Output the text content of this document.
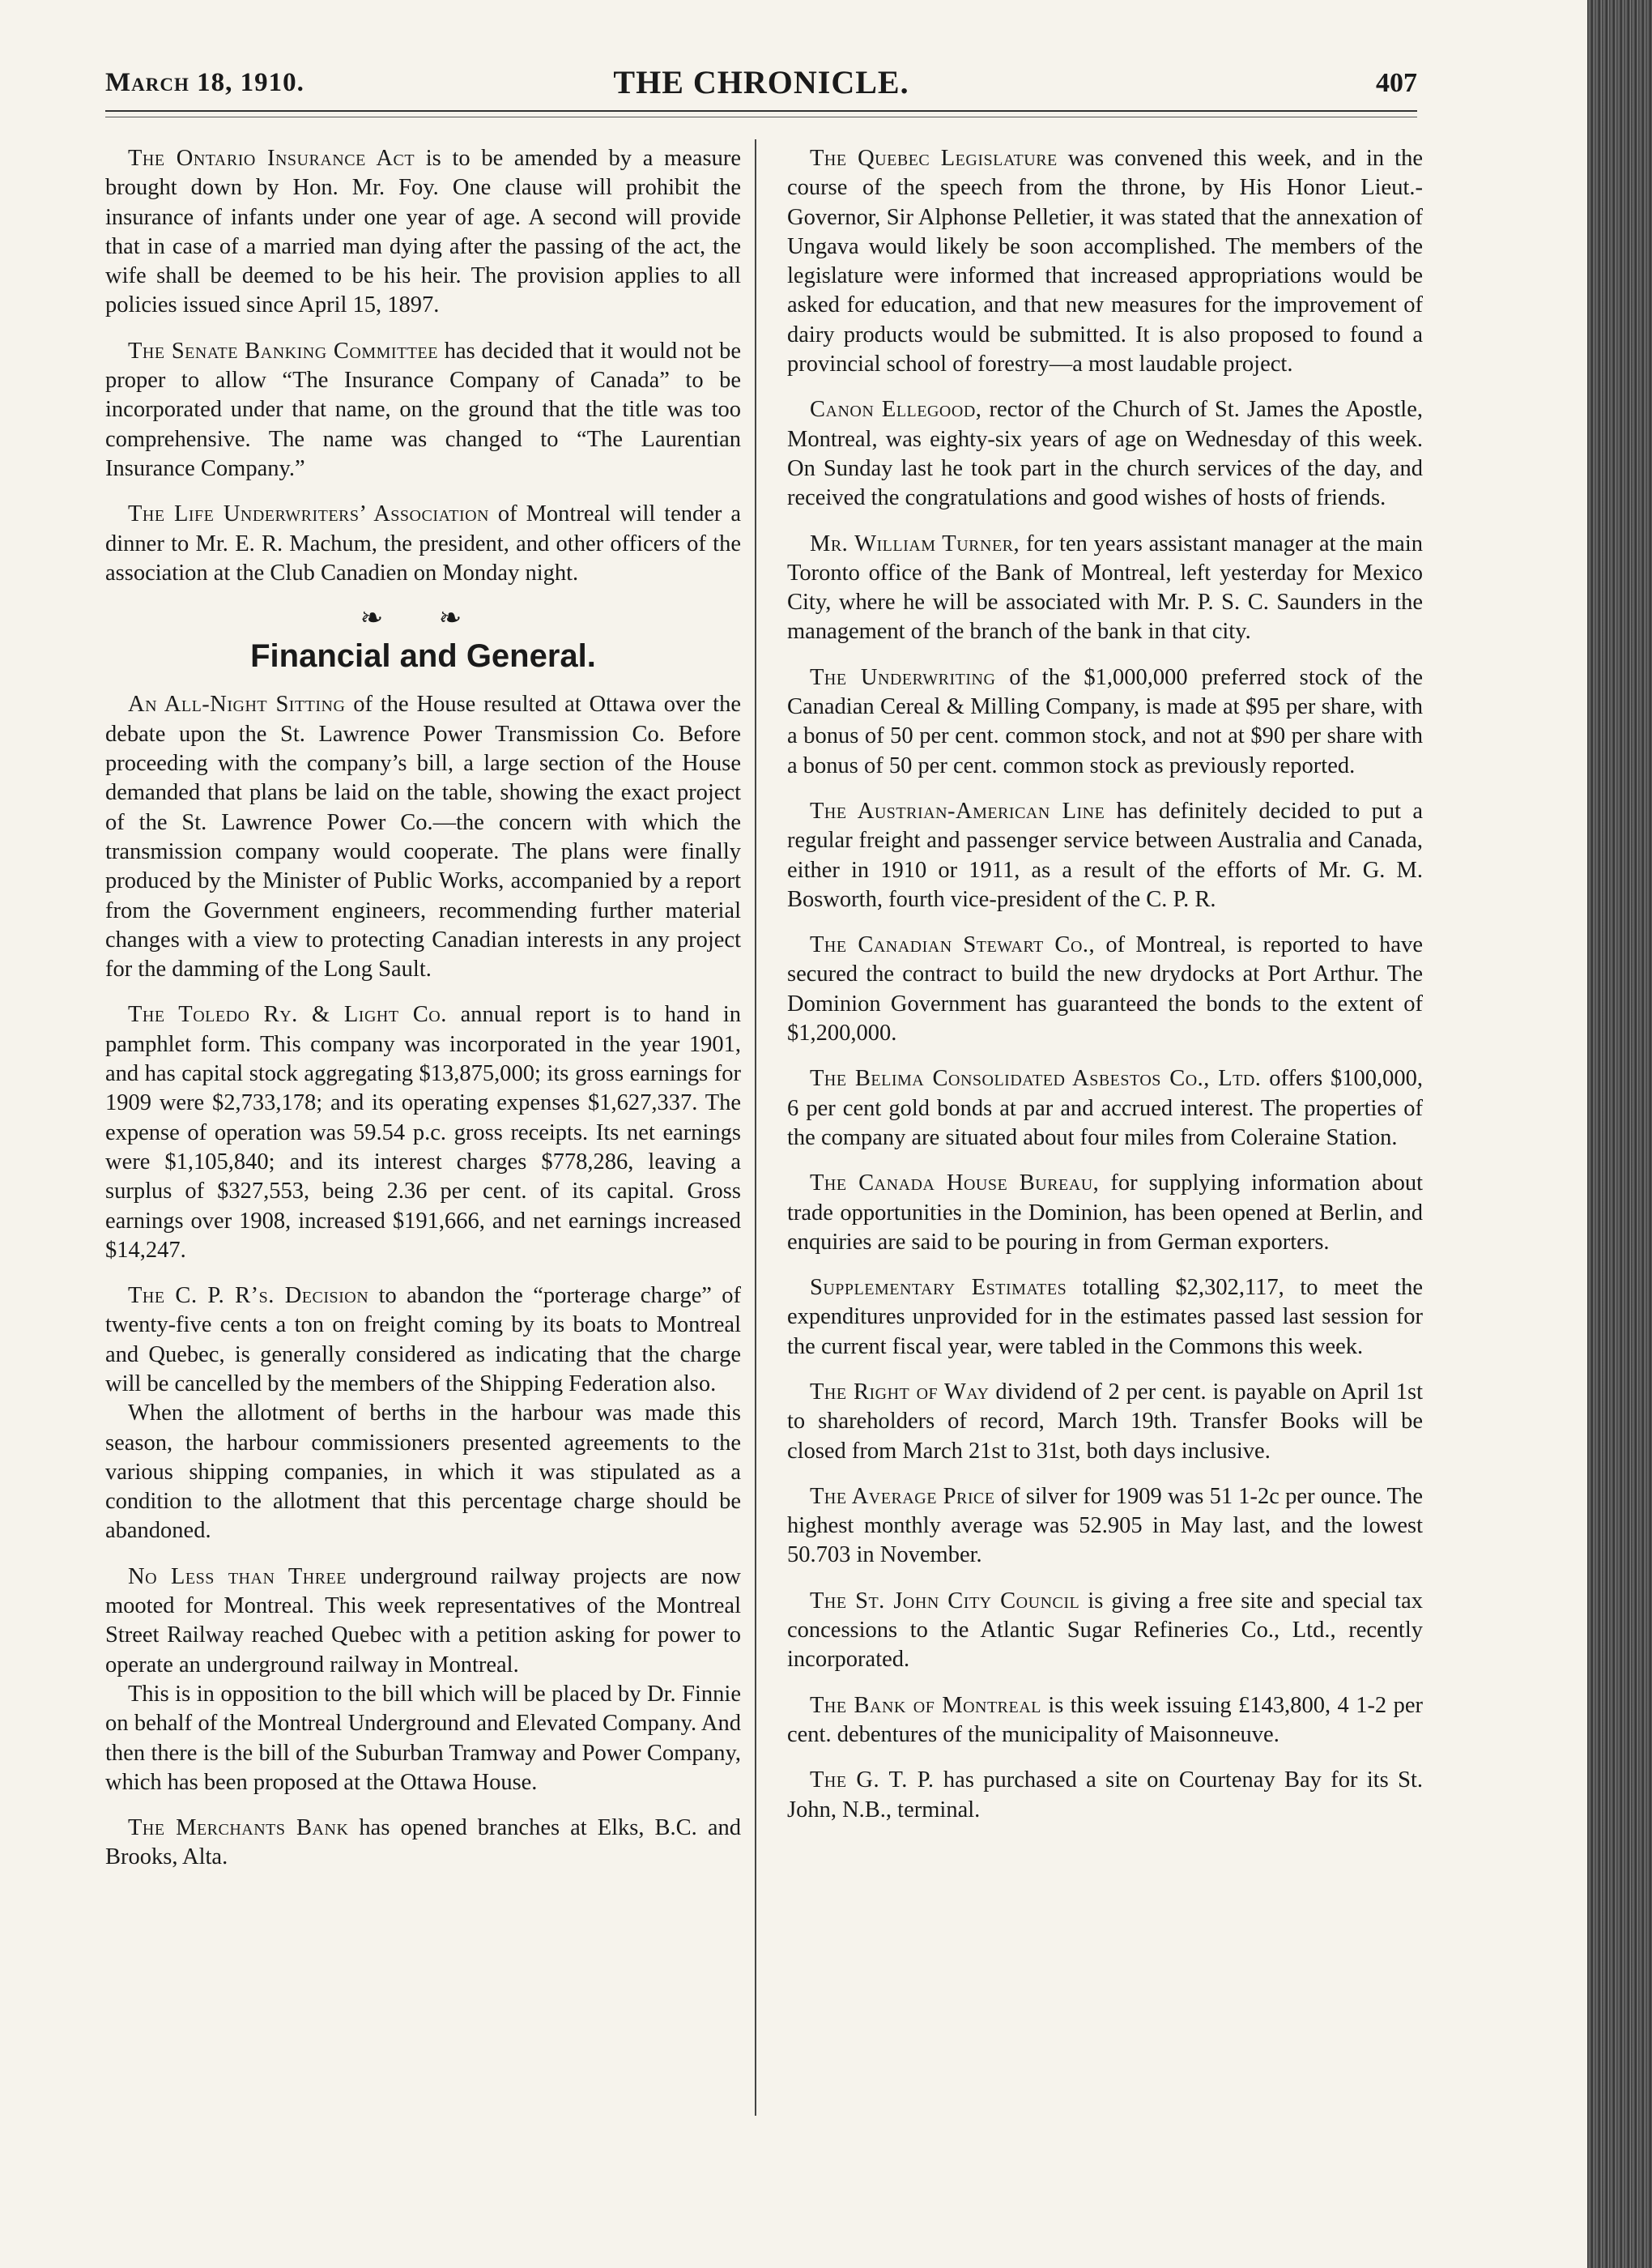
March 18, 1910.	THE CHRONICLE.	407

The Ontario Insurance Act is to be amended by a measure brought down by Hon. Mr. Foy. One clause will prohibit the insurance of infants under one year of age. A second will provide that in case of a married man dying after the passing of the act, the wife shall be deemed to be his heir. The provision applies to all policies issued since April 15, 1897.

The Senate Banking Committee has decided that it would not be proper to allow “The Insurance Company of Canada” to be incorporated under that name, on the ground that the title was too comprehensive. The name was changed to “The Laurentian Insurance Company.”

The Life Underwriters’ Association of Montreal will tender a dinner to Mr. E. R. Machum, the president, and other officers of the association at the Club Canadien on Monday night.

❧ ❧
Financial and General.

An All-Night Sitting of the House resulted at Ottawa over the debate upon the St. Lawrence Power Transmission Co. Before proceeding with the company’s bill, a large section of the House demanded that plans be laid on the table, showing the exact project of the St. Lawrence Power Co.—the concern with which the transmission company would cooperate. The plans were finally produced by the Minister of Public Works, accompanied by a report from the Government engineers, recommending further material changes with a view to protecting Canadian interests in any project for the damming of the Long Sault.

The Toledo Ry. & Light Co. annual report is to hand in pamphlet form. This company was incorporated in the year 1901, and has capital stock aggregating $13,875,000; its gross earnings for 1909 were $2,733,178; and its operating expenses $1,627,337. The expense of operation was 59.54 p.c. gross receipts. Its net earnings were $1,105,840; and its interest charges $778,286, leaving a surplus of $327,553, being 2.36 per cent. of its capital. Gross earnings over 1908, increased $191,666, and net earnings increased $14,247.

The C. P. R’s. Decision to abandon the “porterage charge” of twenty-five cents a ton on freight coming by its boats to Montreal and Quebec, is generally considered as indicating that the charge will be cancelled by the members of the Shipping Federation also.

When the allotment of berths in the harbour was made this season, the harbour commissioners presented agreements to the various shipping companies, in which it was stipulated as a condition to the allotment that this percentage charge should be abandoned.

No Less than Three underground railway projects are now mooted for Montreal. This week representatives of the Montreal Street Railway reached Quebec with a petition asking for power to operate an underground railway in Montreal.

This is in opposition to the bill which will be placed by Dr. Finnie on behalf of the Montreal Underground and Elevated Company. And then there is the bill of the Suburban Tramway and Power Company, which has been proposed at the Ottawa House.

The Merchants Bank has opened branches at Elks, B.C. and Brooks, Alta.

The Quebec Legislature was convened this week, and in the course of the speech from the throne, by His Honor Lieut.- Governor, Sir Alphonse Pelletier, it was stated that the annexation of Ungava would likely be soon accomplished. The members of the legislature were informed that increased appropriations would be asked for education, and that new measures for the improvement of dairy products would be submitted. It is also proposed to found a provincial school of forestry—a most laudable project.

Canon Ellegood, rector of the Church of St. James the Apostle, Montreal, was eighty-six years of age on Wednesday of this week. On Sunday last he took part in the church services of the day, and received the congratulations and good wishes of hosts of friends.

Mr. William Turner, for ten years assistant manager at the main Toronto office of the Bank of Montreal, left yesterday for Mexico City, where he will be associated with Mr. P. S. C. Saunders in the management of the branch of the bank in that city.

The Underwriting of the $1,000,000 preferred stock of the Canadian Cereal & Milling Company, is made at $95 per share, with a bonus of 50 per cent. common stock, and not at $90 per share with a bonus of 50 per cent. common stock as previously reported.

The Austrian-American Line has definitely decided to put a regular freight and passenger service between Australia and Canada, either in 1910 or 1911, as a result of the efforts of Mr. G. M. Bosworth, fourth vice-president of the C. P. R.

The Canadian Stewart Co., of Montreal, is reported to have secured the contract to build the new drydocks at Port Arthur. The Dominion Government has guaranteed the bonds to the extent of $1,200,000.

The Belima Consolidated Asbestos Co., Ltd. offers $100,000, 6 per cent gold bonds at par and accrued interest. The properties of the company are situated about four miles from Coleraine Station.

The Canada House Bureau, for supplying information about trade opportunities in the Dominion, has been opened at Berlin, and enquiries are said to be pouring in from German exporters.

Supplementary Estimates totalling $2,302,117, to meet the expenditures unprovided for in the estimates passed last session for the current fiscal year, were tabled in the Commons this week.

The Right of Way dividend of 2 per cent. is payable on April 1st to shareholders of record, March 19th. Transfer Books will be closed from March 21st to 31st, both days inclusive.

The Average Price of silver for 1909 was 51 1-2c per ounce. The highest monthly average was 52.905 in May last, and the lowest 50.703 in November.

The St. John City Council is giving a free site and special tax concessions to the Atlantic Sugar Refineries Co., Ltd., recently incorporated.

The Bank of Montreal is this week issuing £143,800, 4 1-2 per cent. debentures of the municipality of Maisonneuve.

The G. T. P. has purchased a site on Courtenay Bay for its St. John, N.B., terminal.
